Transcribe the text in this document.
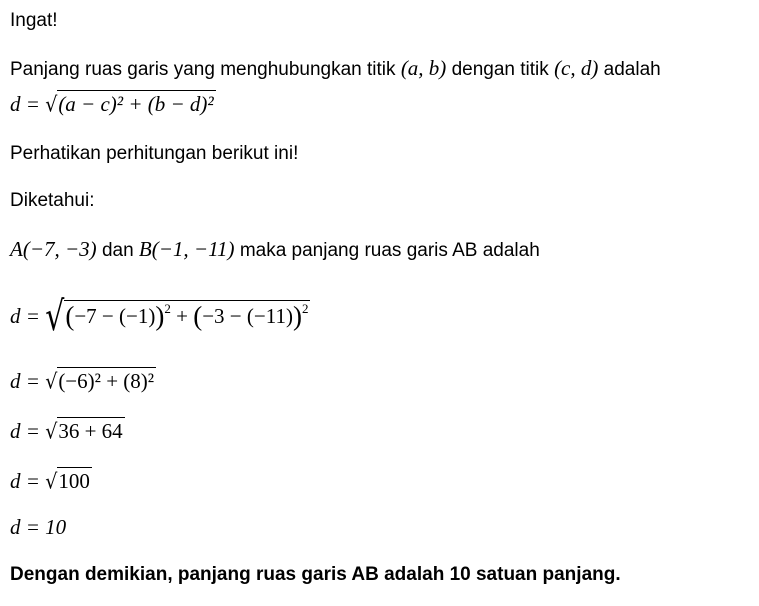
Ingat!
Panjang ruas garis yang menghubungkan titik (a, b) dengan titik (c, d) adalah
d = √(a − c)² + (b − d)²
Perhatikan perhitungan berikut ini!
Diketahui:
A(−7, −3) dan B(−1, −11) maka panjang ruas garis AB adalah
$d = √(-7 - (-1))^2 + (-3 - (-11))^2$
d = √(−6)² + (8)²
d = √36 + 64
d = √100
d = 10
Dengan demikian, panjang ruas garis AB adalah 10 satuan panjang.
